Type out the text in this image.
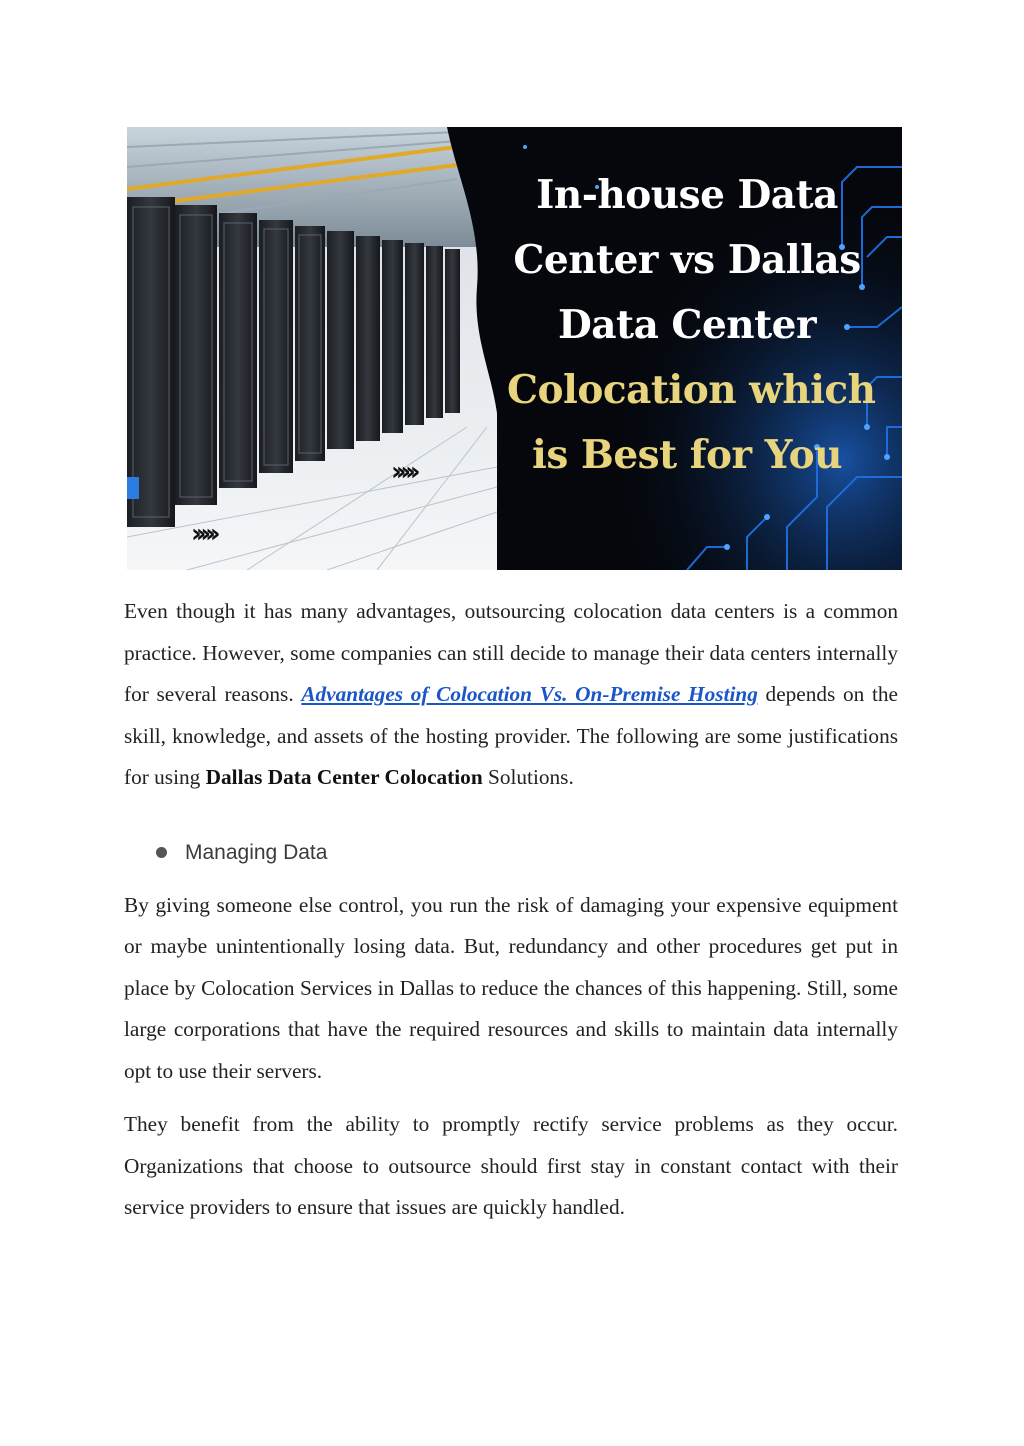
In-house Data
Center vs Dallas
Data Center
Colocation which
is Best for You
›››››
›››››

Even though it has many advantages, outsourcing colocation data centers is a common practice. However, some companies can still decide to manage their data centers internally for several reasons. Advantages of Colocation Vs. On-Premise Hosting depends on the skill, knowledge, and assets of the hosting provider. The following are some justifications for using Dallas Data Center Colocation Solutions.

Managing Data

By giving someone else control, you run the risk of damaging your expensive equipment or maybe unintentionally losing data. But, redundancy and other procedures get put in place by Colocation Services in Dallas to reduce the chances of this happening. Still, some large corporations that have the required resources and skills to maintain data internally opt to use their servers.

They benefit from the ability to promptly rectify service problems as they occur. Organizations that choose to outsource should first stay in constant contact with their service providers to ensure that issues are quickly handled.
